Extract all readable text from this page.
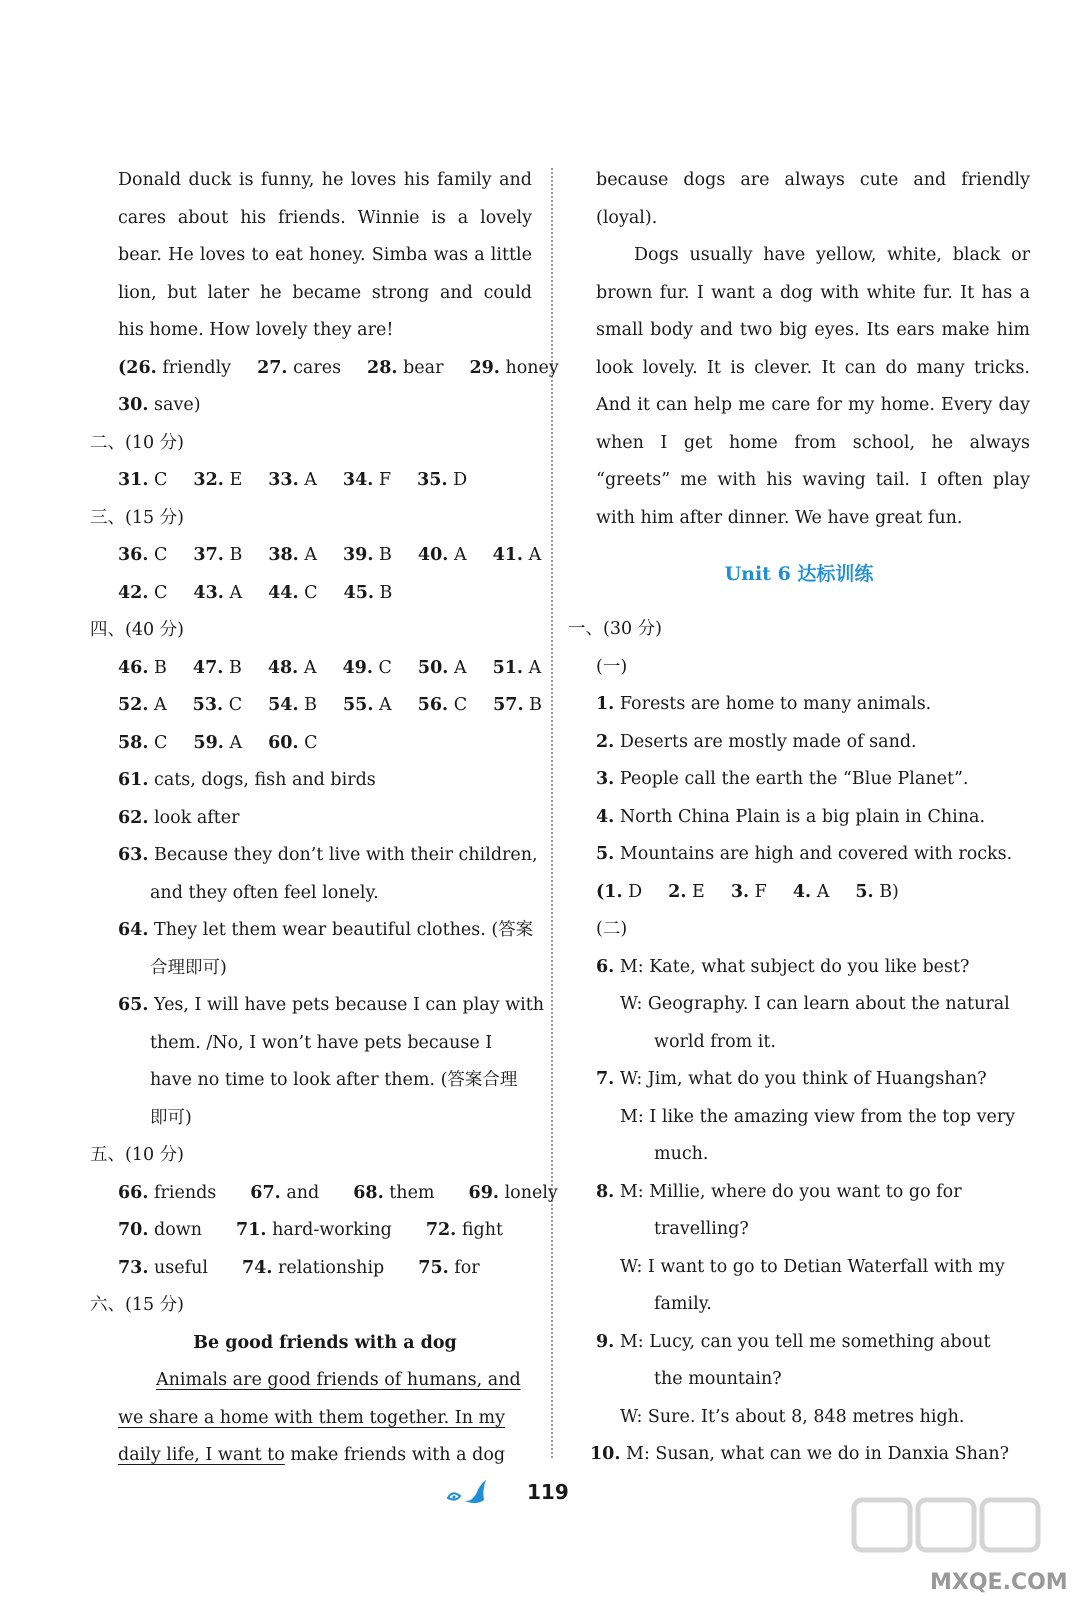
Donald duck is funny, he loves his family and
cares about his friends. Winnie is a lovely
bear. He loves to eat honey. Simba was a little
lion, but later he became strong and could
his home. How lovely they are!
(26. friendly 27. cares 28. bear 29. honey
30. save)
二、(10 分)
31. C 32. E 33. A 34. F 35. D
三、(15 分)
36. C 37. B 38. A 39. B 40. A 41. A
42. C 43. A 44. C 45. B
四、(40 分)
46. B 47. B 48. A 49. C 50. A 51. A
52. A 53. C 54. B 55. A 56. C 57. B
58. C 59. A 60. C
61. cats, dogs, fish and birds
62. look after
63. Because they don’t live with their children,
and they often feel lonely.
64. They let them wear beautiful clothes. (答案
合理即可)
65. Yes, I will have pets because I can play with
them. /No, I won’t have pets because I
have no time to look after them. (答案合理
即可)
五、(10 分)
66. friends 67. and 68. them 69. lonely
70. down 71. hard-working 72. fight
73. useful 74. relationship 75. for
六、(15 分)
Be good friends with a dog
Animals are good friends of humans, and
we share a home with them together. In my
daily life, I want to make friends with a dog
because dogs are always cute and friendly
(loyal).
Dogs usually have yellow, white, black or
brown fur. I want a dog with white fur. It has a
small body and two big eyes. Its ears make him
look lovely. It is clever. It can do many tricks.
And it can help me care for my home. Every day
when I get home from school, he always
“greets” me with his waving tail. I often play
with him after dinner. We have great fun.
Unit 6 达标训练
一、(30 分)
(一)
1. Forests are home to many animals.
2. Deserts are mostly made of sand.
3. People call the earth the “Blue Planet”.
4. North China Plain is a big plain in China.
5. Mountains are high and covered with rocks.
(1. D 2. E 3. F 4. A 5. B)
(二)
6. M: Kate, what subject do you like best?
W: Geography. I can learn about the natural
world from it.
7. W: Jim, what do you think of Huangshan?
M: I like the amazing view from the top very
much.
8. M: Millie, where do you want to go for
travelling?
W: I want to go to Detian Waterfall with my
family.
9. M: Lucy, can you tell me something about
the mountain?
W: Sure. It’s about 8, 848 metres high.
10. M: Susan, what can we do in Danxia Shan?
119
MXQE.COM
